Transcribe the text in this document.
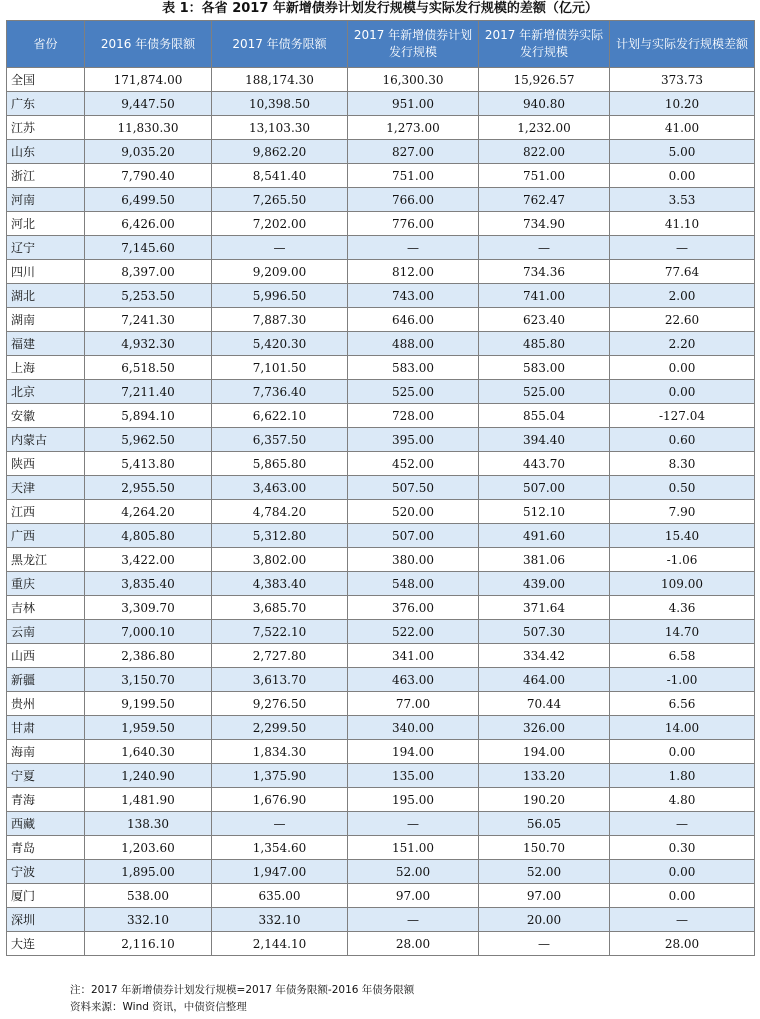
表 1：各省 2017 年新增债券计划发行规模与实际发行规模的差额（亿元）
省份	2016 年债务限额	2017 年债务限额	2017 年新增债券计划发行规模	2017 年新增债券实际发行规模	计划与实际发行规模差额
全国	171,874.00	188,174.30	16,300.30	15,926.57	373.73
广东	9,447.50	10,398.50	951.00	940.80	10.20
江苏	11,830.30	13,103.30	1,273.00	1,232.00	41.00
山东	9,035.20	9,862.20	827.00	822.00	5.00
浙江	7,790.40	8,541.40	751.00	751.00	0.00
河南	6,499.50	7,265.50	766.00	762.47	3.53
河北	6,426.00	7,202.00	776.00	734.90	41.10
辽宁	7,145.60	—	—	—	—
四川	8,397.00	9,209.00	812.00	734.36	77.64
湖北	5,253.50	5,996.50	743.00	741.00	2.00
湖南	7,241.30	7,887.30	646.00	623.40	22.60
福建	4,932.30	5,420.30	488.00	485.80	2.20
上海	6,518.50	7,101.50	583.00	583.00	0.00
北京	7,211.40	7,736.40	525.00	525.00	0.00
安徽	5,894.10	6,622.10	728.00	855.04	-127.04
内蒙古	5,962.50	6,357.50	395.00	394.40	0.60
陕西	5,413.80	5,865.80	452.00	443.70	8.30
天津	2,955.50	3,463.00	507.50	507.00	0.50
江西	4,264.20	4,784.20	520.00	512.10	7.90
广西	4,805.80	5,312.80	507.00	491.60	15.40
黑龙江	3,422.00	3,802.00	380.00	381.06	-1.06
重庆	3,835.40	4,383.40	548.00	439.00	109.00
吉林	3,309.70	3,685.70	376.00	371.64	4.36
云南	7,000.10	7,522.10	522.00	507.30	14.70
山西	2,386.80	2,727.80	341.00	334.42	6.58
新疆	3,150.70	3,613.70	463.00	464.00	-1.00
贵州	9,199.50	9,276.50	77.00	70.44	6.56
甘肃	1,959.50	2,299.50	340.00	326.00	14.00
海南	1,640.30	1,834.30	194.00	194.00	0.00
宁夏	1,240.90	1,375.90	135.00	133.20	1.80
青海	1,481.90	1,676.90	195.00	190.20	4.80
西藏	138.30	—	—	56.05	—
青岛	1,203.60	1,354.60	151.00	150.70	0.30
宁波	1,895.00	1,947.00	52.00	52.00	0.00
厦门	538.00	635.00	97.00	97.00	0.00
深圳	332.10	332.10	—	20.00	—
大连	2,116.10	2,144.10	28.00	—	28.00
注：2017 年新增债券计划发行规模=2017 年债务限额-2016 年债务限额
资料来源：Wind 资讯，中债资信整理
